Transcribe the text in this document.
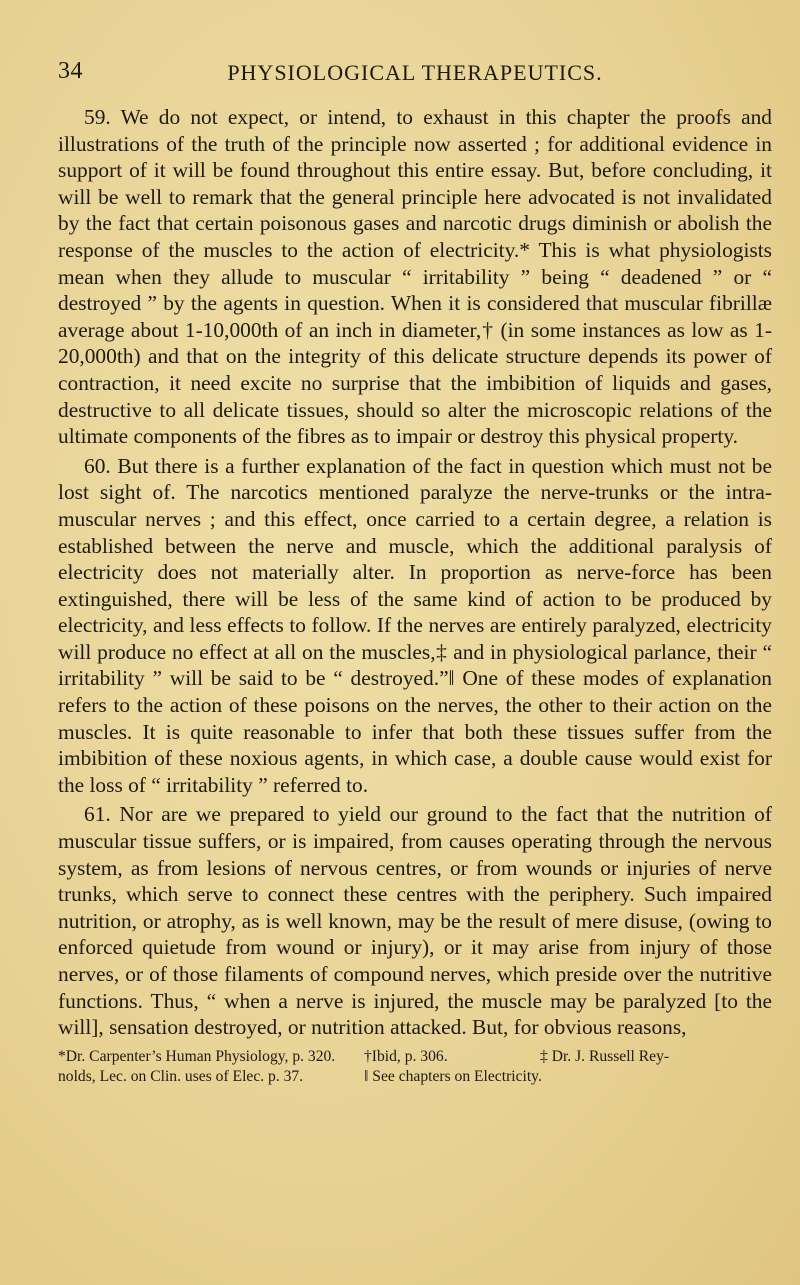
34	PHYSIOLOGICAL THERAPEUTICS.

59. We do not expect, or intend, to exhaust in this chapter the proofs and illustrations of the truth of the principle now asserted ; for additional evidence in support of it will be found throughout this entire essay. But, before concluding, it will be well to remark that the general principle here advocated is not invalidated by the fact that certain poisonous gases and narcotic drugs diminish or abolish the response of the muscles to the action of electricity.* This is what physiologists mean when they allude to muscular “ irritability ” being “ deadened ” or “ destroyed ” by the agents in question. When it is considered that muscular fibrillæ average about 1-10,000th of an inch in diameter,† (in some instances as low as 1-20,000th) and that on the integrity of this delicate structure depends its power of contraction, it need excite no surprise that the imbibition of liquids and gases, destructive to all delicate tissues, should so alter the microscopic relations of the ultimate components of the fibres as to impair or destroy this physical property.

60. But there is a further explanation of the fact in question which must not be lost sight of. The narcotics mentioned paralyze the nerve-trunks or the intra-muscular nerves ; and this effect, once carried to a certain degree, a relation is established between the nerve and muscle, which the additional paralysis of electricity does not materially alter. In proportion as nerve-force has been extinguished, there will be less of the same kind of action to be produced by electricity, and less effects to follow. If the nerves are entirely paralyzed, electricity will produce no effect at all on the muscles,‡ and in physiological parlance, their “ irritability ” will be said to be “ destroyed.”‖ One of these modes of explanation refers to the action of these poisons on the nerves, the other to their action on the muscles. It is quite reasonable to infer that both these tissues suffer from the imbibition of these noxious agents, in which case, a double cause would exist for the loss of “ irritability ” referred to.

61. Nor are we prepared to yield our ground to the fact that the nutrition of muscular tissue suffers, or is impaired, from causes operating through the nervous system, as from lesions of nervous centres, or from wounds or injuries of nerve trunks, which serve to connect these centres with the periphery. Such impaired nutrition, or atrophy, as is well known, may be the result of mere disuse, (owing to enforced quietude from wound or injury), or it may arise from injury of those nerves, or of those filaments of compound nerves, which preside over the nutritive functions. Thus, “ when a nerve is injured, the muscle may be paralyzed [to the will], sensation destroyed, or nutrition attacked. But, for obvious reasons,

*Dr. Carpenter’s Human Physiology, p. 320.	†Ibid, p. 306.	‡ Dr. J. Russell Rey-
nolds, Lec. on Clin. uses of Elec. p. 37.	‖ See chapters on Electricity.
